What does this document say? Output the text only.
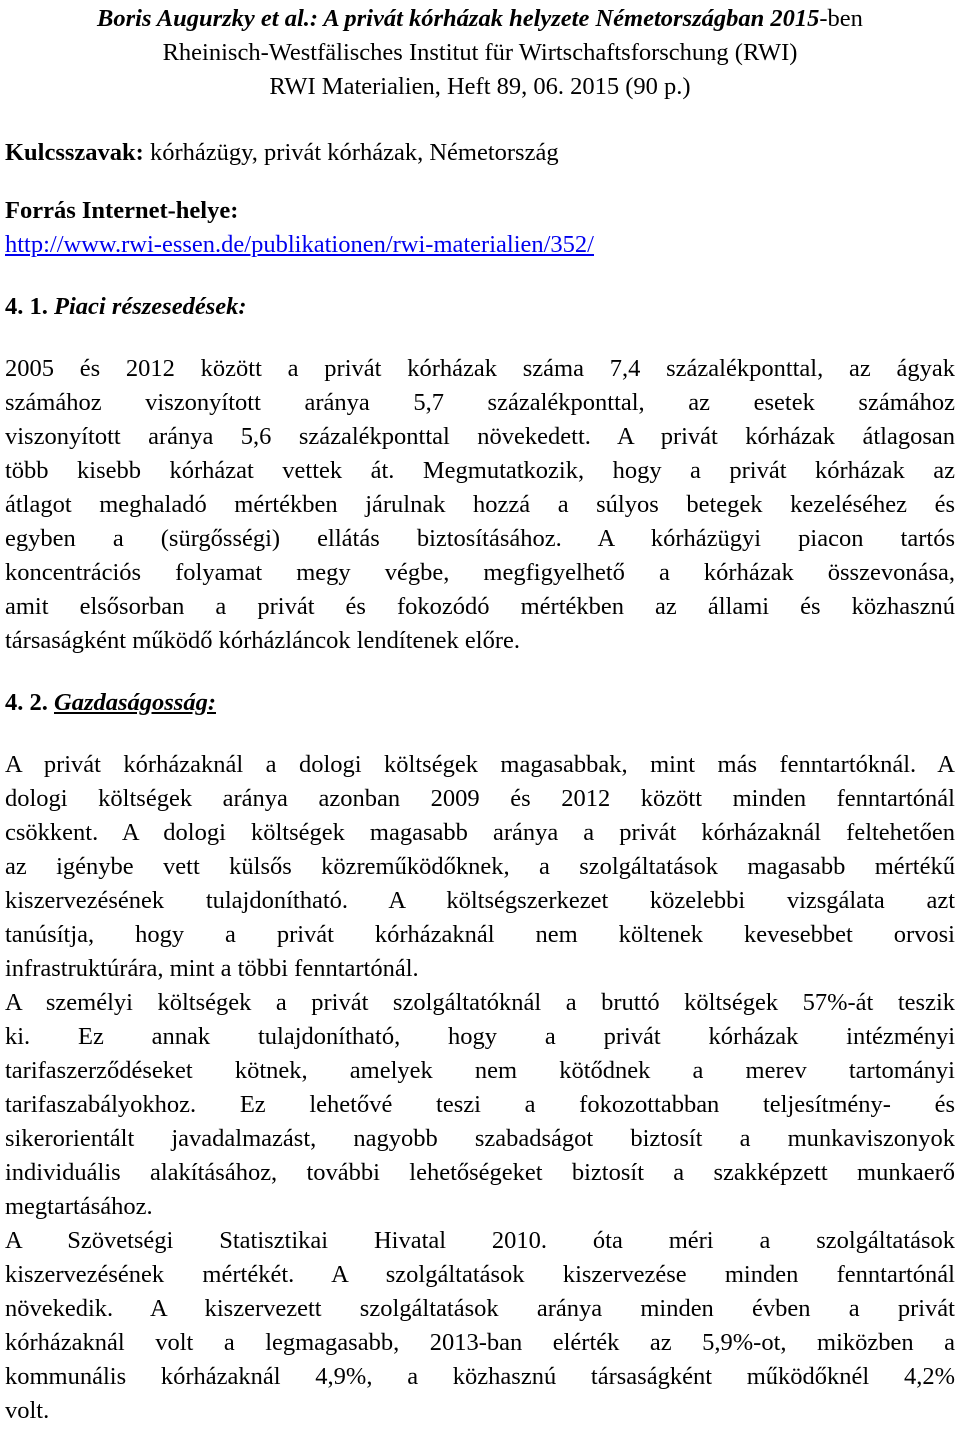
Boris Augurzky et al.: A privát kórházak helyzete Németországban 2015-ben
Rheinisch-Westfälisches Institut für Wirtschaftsforschung (RWI)
RWI Materialien, Heft 89, 06. 2015 (90 p.)
Kulcsszavak: kórházügy, privát kórházak, Németország
Forrás Internet-helye:
http://www.rwi-essen.de/publikationen/rwi-materialien/352/
4. 1. Piaci részesedések:
2005 és 2012 között a privát kórházak száma 7,4 százalékponttal, az ágyak
számához viszonyított aránya 5,7 százalékponttal, az esetek számához
viszonyított aránya 5,6 százalékponttal növekedett. A privát kórházak átlagosan
több kisebb kórházat vettek át. Megmutatkozik, hogy a privát kórházak az
átlagot meghaladó mértékben járulnak hozzá a súlyos betegek kezeléséhez és
egyben a (sürgősségi) ellátás biztosításához. A kórházügyi piacon tartós
koncentrációs folyamat megy végbe, megfigyelhető a kórházak összevonása,
amit elsősorban a privát és fokozódó mértékben az állami és közhasznú
társaságként működő kórházláncok lendítenek előre.
4. 2. Gazdaságosság:
A privát kórházaknál a dologi költségek magasabbak, mint más fenntartóknál. A
dologi költségek aránya azonban 2009 és 2012 között minden fenntartónál
csökkent. A dologi költségek magasabb aránya a privát kórházaknál feltehetően
az igénybe vett külsős közreműködőknek, a szolgáltatások magasabb mértékű
kiszervezésének tulajdonítható. A költségszerkezet közelebbi vizsgálata azt
tanúsítja, hogy a privát kórházaknál nem költenek kevesebbet orvosi
infrastruktúrára, mint a többi fenntartónál.
A személyi költségek a privát szolgáltatóknál a bruttó költségek 57%-át teszik
ki. Ez annak tulajdonítható, hogy a privát kórházak intézményi
tarifaszerződéseket kötnek, amelyek nem kötődnek a merev tartományi
tarifaszabályokhoz. Ez lehetővé teszi a fokozottabban teljesítmény- és
sikerorientált javadalmazást, nagyobb szabadságot biztosít a munkaviszonyok
individuális alakításához, további lehetőségeket biztosít a szakképzett munkaerő
megtartásához.
A Szövetségi Statisztikai Hivatal 2010. óta méri a szolgáltatások
kiszervezésének mértékét. A szolgáltatások kiszervezése minden fenntartónál
növekedik. A kiszervezett szolgáltatások aránya minden évben a privát
kórházaknál volt a legmagasabb, 2013-ban elérték az 5,9%-ot, miközben a
kommunális kórházaknál 4,9%, a közhasznú társaságként működőknél 4,2%
volt.
